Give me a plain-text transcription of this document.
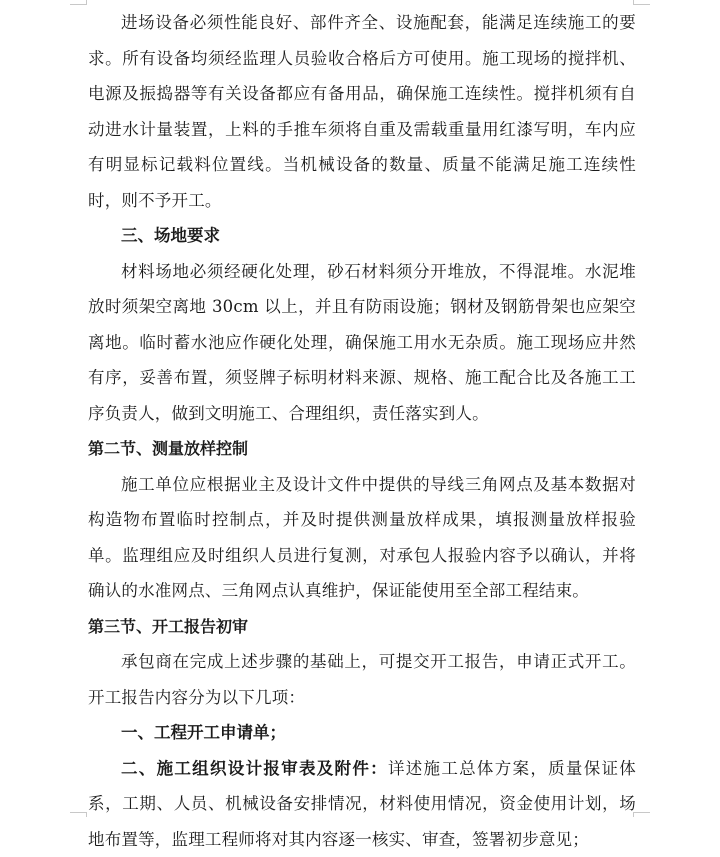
进场设备必须性能良好、部件齐全、设施配套，能满足连续施工的要求。所有设备均须经监理人员验收合格后方可使用。施工现场的搅拌机、电源及振捣器等有关设备都应有备用品，确保施工连续性。搅拌机须有自动进水计量装置，上料的手推车须将自重及需载重量用红漆写明，车内应有明显标记载料位置线。当机械设备的数量、质量不能满足施工连续性时，则不予开工。

三、场地要求

材料场地必须经硬化处理，砂石材料须分开堆放，不得混堆。水泥堆放时须架空离地 30cm 以上，并且有防雨设施；钢材及钢筋骨架也应架空离地。临时蓄水池应作硬化处理，确保施工用水无杂质。施工现场应井然有序，妥善布置，须竖牌子标明材料来源、规格、施工配合比及各施工工序负责人，做到文明施工、合理组织，责任落实到人。

第二节、测量放样控制

施工单位应根据业主及设计文件中提供的导线三角网点及基本数据对构造物布置临时控制点，并及时提供测量放样成果，填报测量放样报验单。监理组应及时组织人员进行复测，对承包人报验内容予以确认，并将确认的水准网点、三角网点认真维护，保证能使用至全部工程结束。

第三节、开工报告初审

承包商在完成上述步骤的基础上，可提交开工报告，申请正式开工。开工报告内容分为以下几项：

一、工程开工申请单；

二、施工组织设计报审表及附件：详述施工总体方案，质量保证体系，工期、人员、机械设备安排情况，材料使用情况，资金使用计划，场地布置等，监理工程师将对其内容逐一核实、审查，签署初步意见；
